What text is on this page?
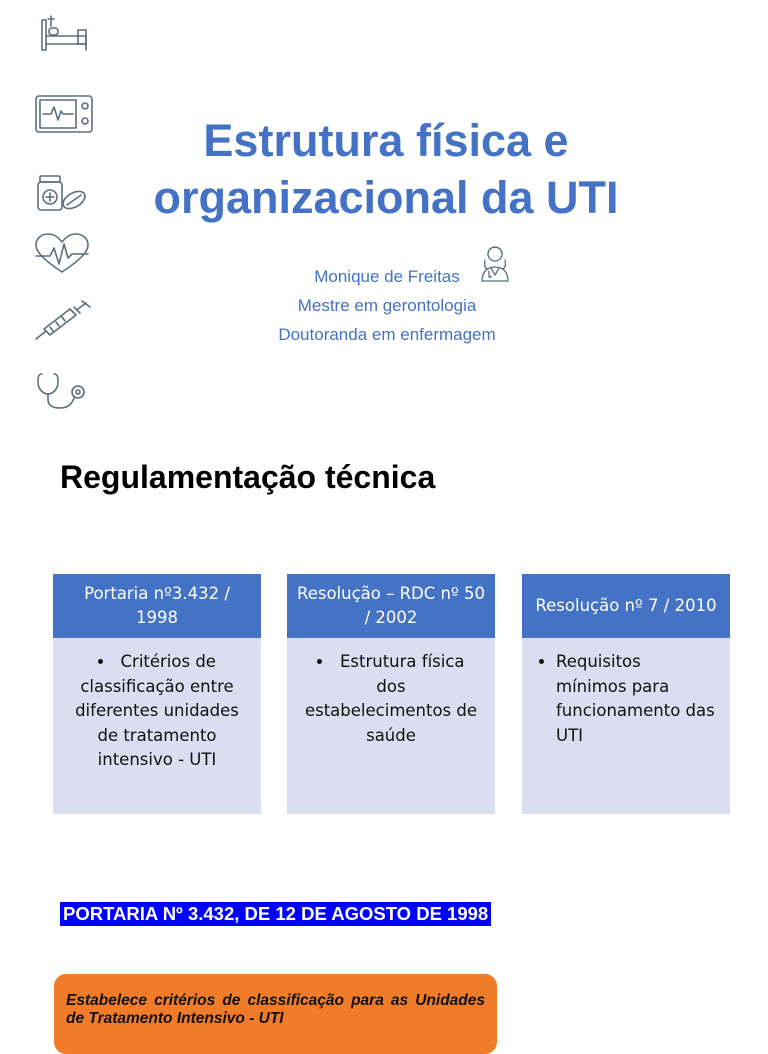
Estrutura física e
organizacional da UTI
Monique de Freitas
Mestre em gerontologia
Doutoranda em enfermagem
Regulamentação técnica
Portaria nº3.432 / 1998
• Critérios de classificação entre diferentes unidades de tratamento intensivo - UTI
Resolução – RDC nº 50 / 2002
• Estrutura física dos estabelecimentos de saúde
Resolução nº 7 / 2010
• Requisitos mínimos para funcionamento das UTI
PORTARIA Nº 3.432, DE 12 DE AGOSTO DE 1998
Estabelece critérios de classificação para as Unidades de Tratamento Intensivo - UTI
